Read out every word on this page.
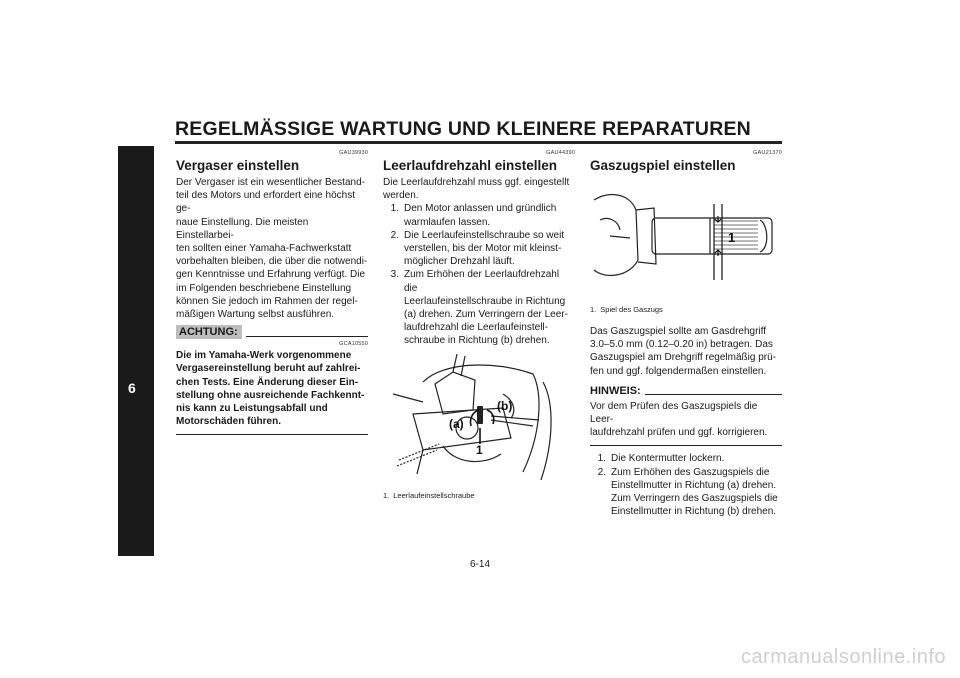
REGELMÄSSIGE WARTUNG UND KLEINERE REPARATUREN
6
GAU39930
Vergaser einstellen

Der Vergaser ist ein wesentlicher Bestand-

teil des Motors und erfordert eine höchst ge-

naue Einstellung. Die meisten Einstellarbei-

ten sollten einer Yamaha-Fachwerkstatt

vorbehalten bleiben, die über die notwendi-

gen Kenntnisse und Erfahrung verfügt. Die

im Folgenden beschriebene Einstellung

können Sie jedoch im Rahmen der regel-

mäßigen Wartung selbst ausführen.

ACHTUNG:
GCA10550
Die im Yamaha-Werk vorgenommene
Vergasereinstellung beruht auf zahlrei-
chen Tests. Eine Änderung dieser Ein-
stellung ohne ausreichende Fachkennt-
nis kann zu Leistungsabfall und
Motorschäden führen.
GAU44390
Leerlaufdrehzahl einstellen

Die Leerlaufdrehzahl muss ggf. eingestellt

werden.

1. Den Motor anlassen und gründlich
warmlaufen lassen.
2. Die Leerlaufeinstellschraube so weit
verstellen, bis der Motor mit kleinst-
möglicher Drehzahl läuft.
3. Zum Erhöhen der Leerlaufdrehzahl die
Leerlaufeinstellschraube in Richtung
(a) drehen. Zum Verringern der Leer-
laufdrehzahl die Leerlaufeinstell-
schraube in Richtung (b) drehen.
(a)
(b)
1
1. Leerlaufeinstellschraube
GAU21370
Gaszugspiel einstellen
1
1. Spiel des Gaszugs

Das Gaszugspiel sollte am Gasdrehgriff

3.0–5.0 mm (0.12–0.20 in) betragen. Das

Gaszugspiel am Drehgriff regelmäßig prü-

fen und ggf. folgendermaßen einstellen.

HINWEIS:

Vor dem Prüfen des Gaszugspiels die Leer-

laufdrehzahl prüfen und ggf. korrigieren.

1. Die Kontermutter lockern.
2. Zum Erhöhen des Gaszugspiels die
Einstellmutter in Richtung (a) drehen.
Zum Verringern des Gaszugspiels die
Einstellmutter in Richtung (b) drehen.
6-14
carmanualsonline.info
